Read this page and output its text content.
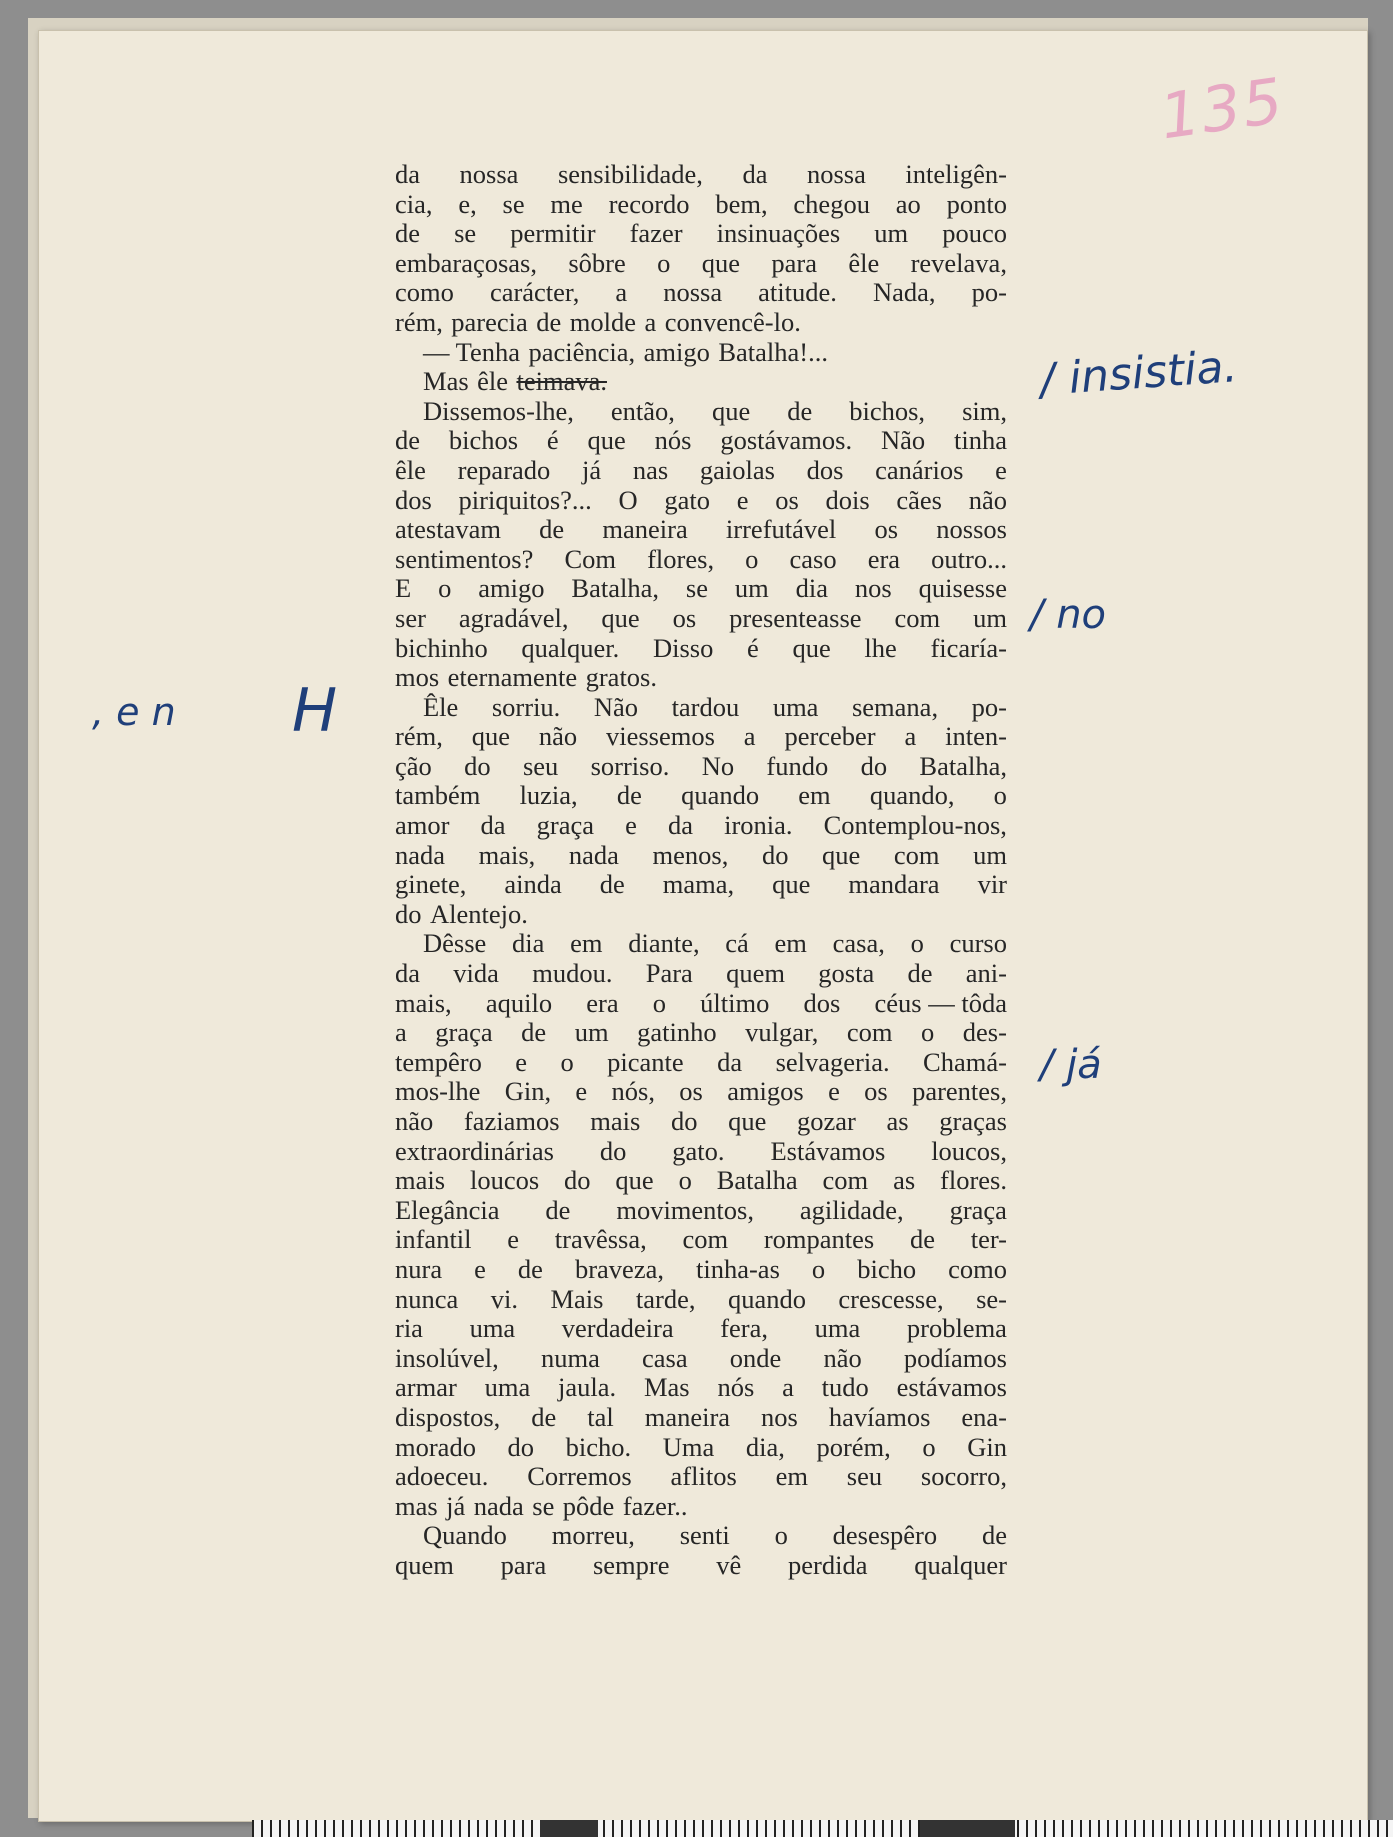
135
da nossa sensibilidade, da nossa inteligên-
cia, e, se me recordo bem, chegou ao ponto
de se permitir fazer insinuações um pouco
embaraçosas, sôbre o que para êle revelava,
como carácter, a nossa atitude. Nada, po-
rém, parecia de molde a convencê-lo.
— Tenha paciência, amigo Batalha!...
Mas êle teimava.
Dissemos-lhe, então, que de bichos, sim,
de bichos é que nós gostávamos. Não tinha
êle reparado já nas gaiolas dos canários e
dos piriquitos?... O gato e os dois cães não
atestavam de maneira irrefutável os nossos
sentimentos? Com flores, o caso era outro...
E o amigo Batalha, se um dia nos quisesse
ser agradável, que os presenteasse com um
bichinho qualquer. Disso é que lhe ficaría-
mos eternamente gratos.
Êle sorriu. Não tardou uma semana, po-
rém, que não viessemos a perceber a inten-
ção do seu sorriso. No fundo do Batalha,
também luzia, de quando em quando, o
amor da graça e da ironia. Contemplou-nos,
nada mais, nada menos, do que com um
ginete, ainda de mama, que mandara vir
do Alentejo.
Dêsse dia em diante, cá em casa, o curso
da vida mudou. Para quem gosta de ani-
mais, aquilo era o último dos céus — tôda
a graça de um gatinho vulgar, com o des-
tempêro e o picante da selvageria. Chamá-
mos-lhe Gin, e nós, os amigos e os parentes,
não faziamos mais do que gozar as graças
extraordinárias do gato. Estávamos loucos,
mais loucos do que o Batalha com as flores.
Elegância de movimentos, agilidade, graça
infantil e travêssa, com rompantes de ter-
nura e de braveza, tinha-as o bicho como
nunca vi. Mais tarde, quando crescesse, se-
ria uma verdadeira fera, uma problema
insolúvel, numa casa onde não podíamos
armar uma jaula. Mas nós a tudo estávamos
dispostos, de tal maneira nos havíamos ena-
morado do bicho. Uma dia, porém, o Gin
adoeceu. Corremos aflitos em seu socorro,
mas já nada se pôde fazer..
Quando morreu, senti o desespêro de
quem para sempre vê perdida qualquer
/ insistia.
/ no
/ já
, e n H
